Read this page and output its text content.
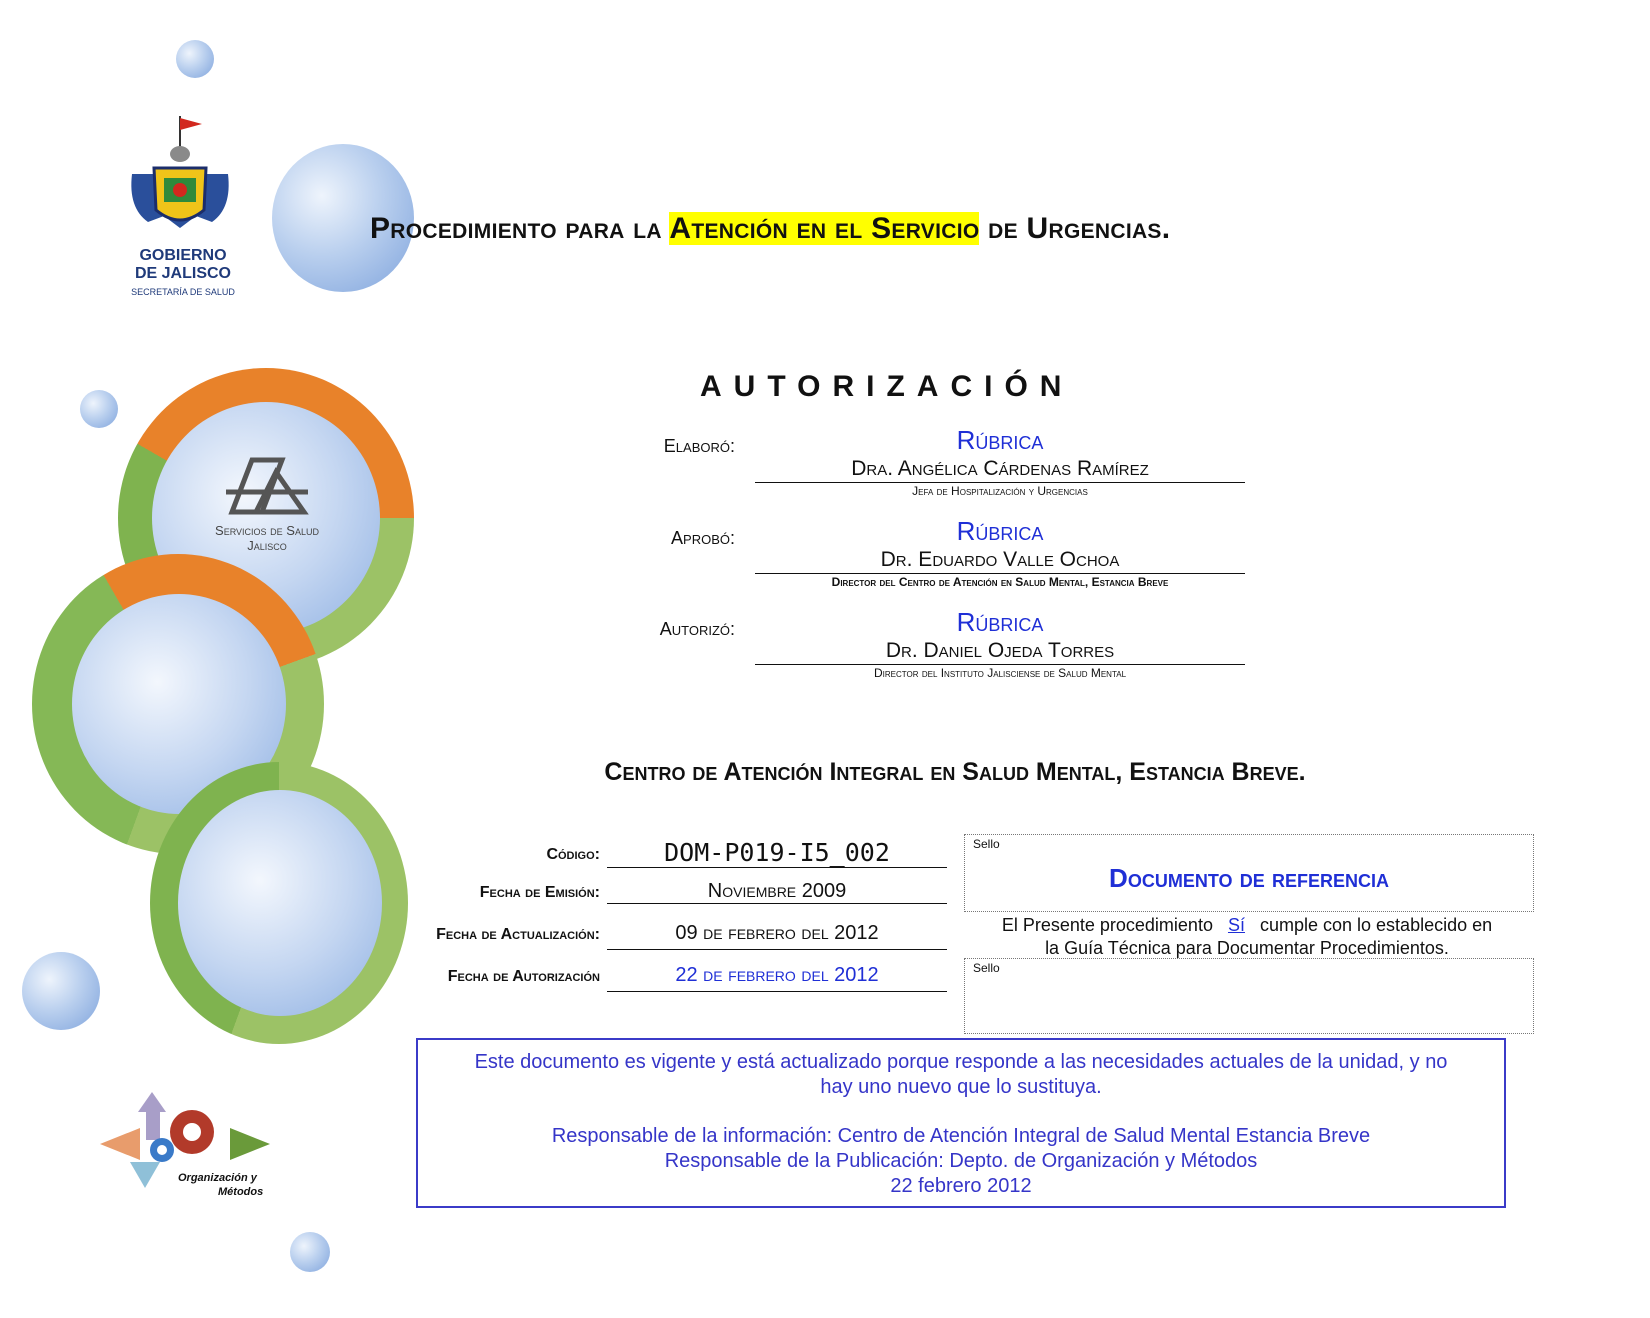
GOBIERNO
DE JALISCO
SECRETARÍA DE SALUD
Servicios de Salud
Jalisco
Organización y
Métodos
Procedimiento para la Atención en el Servicio de Urgencias.
AUTORIZACIÓN
Elaboró:	Rúbrica
Dra. Angélica Cárdenas Ramírez
Jefa de Hospitalización y Urgencias
Aprobó:	Rúbrica
Dr. Eduardo Valle Ochoa
Director del Centro de Atención en Salud Mental, Estancia Breve
Autorizó:	Rúbrica
Dr. Daniel Ojeda Torres
Director del Instituto Jalisciense de Salud Mental
Centro de Atención Integral en Salud Mental, Estancia Breve.
Código:	DOM-P019-I5_002
Fecha de Emisión:	Noviembre 2009
Fecha de Actualización:	09 de febrero del 2012
Fecha de Autorización	22 de febrero del 2012
Sello
Documento de referencia
El Presente procedimiento Sí cumple con lo establecido en
la Guía Técnica para Documentar Procedimientos.
Sello
Este documento es vigente y está actualizado porque responde a las necesidades actuales de la unidad, y no
hay uno nuevo que lo sustituya.
Responsable de la información: Centro de Atención Integral de Salud Mental Estancia Breve
Responsable de la Publicación: Depto. de Organización y Métodos
22 febrero 2012
